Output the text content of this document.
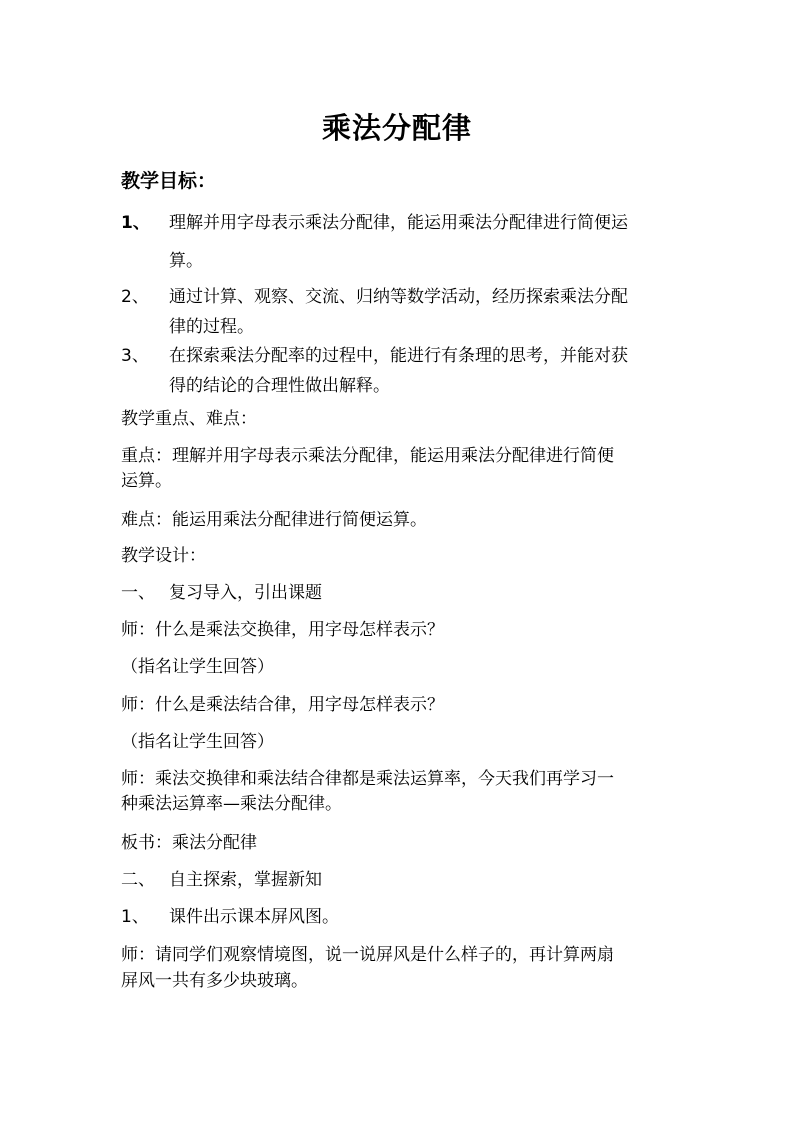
乘法分配律
教学目标：
1、 理解并用字母表示乘法分配律，能运用乘法分配律进行简便运
算。
2、 通过计算、观察、交流、归纳等数学活动，经历探索乘法分配
律的过程。
3、 在探索乘法分配率的过程中，能进行有条理的思考，并能对获
得的结论的合理性做出解释。
教学重点、难点：
重点：理解并用字母表示乘法分配律，能运用乘法分配律进行简便
运算。
难点：能运用乘法分配律进行简便运算。
教学设计：
一、 复习导入，引出课题
师：什么是乘法交换律，用字母怎样表示？
（指名让学生回答）
师：什么是乘法结合律，用字母怎样表示？
（指名让学生回答）
师：乘法交换律和乘法结合律都是乘法运算率，今天我们再学习一
种乘法运算率—乘法分配律。
板书：乘法分配律
二、 自主探索，掌握新知
1、 课件出示课本屏风图。
师：请同学们观察情境图，说一说屏风是什么样子的，再计算两扇
屏风一共有多少块玻璃。
